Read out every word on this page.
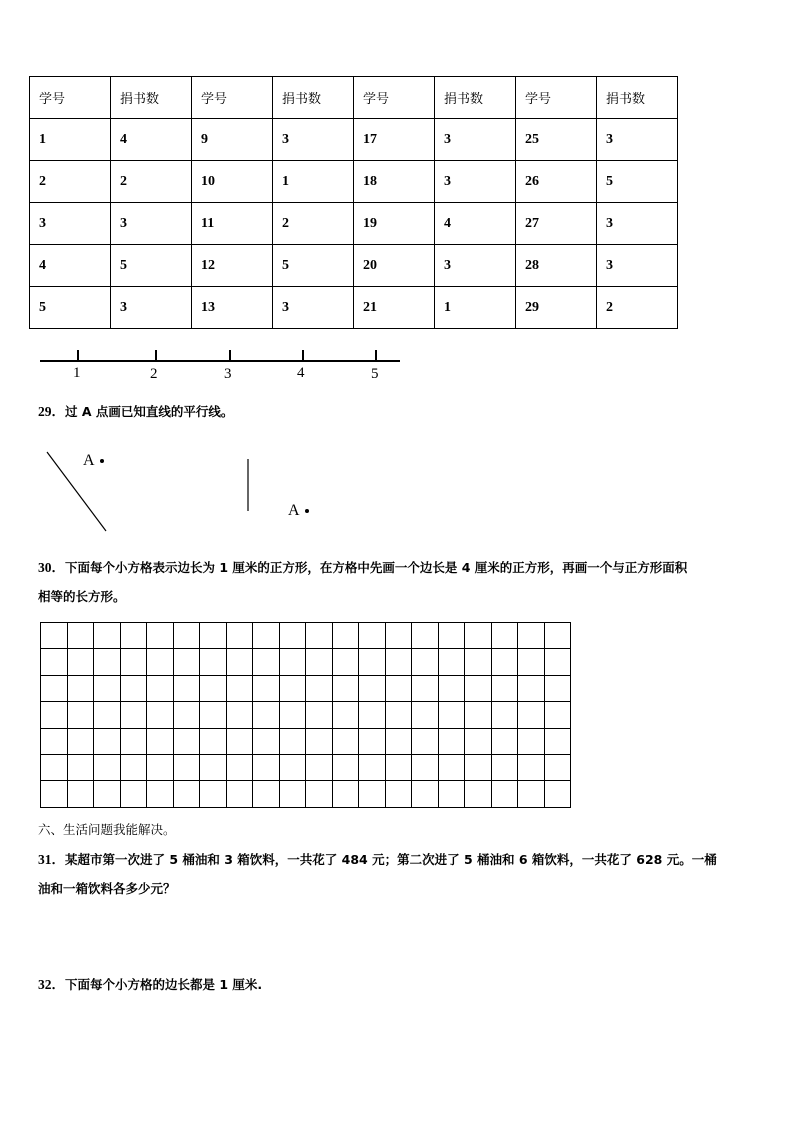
学号	捐书数	学号	捐书数	学号	捐书数	学号	捐书数
1	4	9	3	17	3	25	3
2	2	10	1	18	3	26	5
3	3	11	2	19	4	27	3
4	5	12	5	20	3	28	3
5	3	13	3	21	1	29	2
1	2	3	4	5
29．过 A 点画已知直线的平行线。
A
A
30．下面每个小方格表示边长为 1 厘米的正方形，在方格中先画一个边长是 4 厘米的正方形，再画一个与正方形面积
相等的长方形。
六、生活问题我能解决。
31．某超市第一次进了 5 桶油和 3 箱饮料，一共花了 484 元；第二次进了 5 桶油和 6 箱饮料，一共花了 628 元。一桶
油和一箱饮料各多少元？
32．下面每个小方格的边长都是 1 厘米.
